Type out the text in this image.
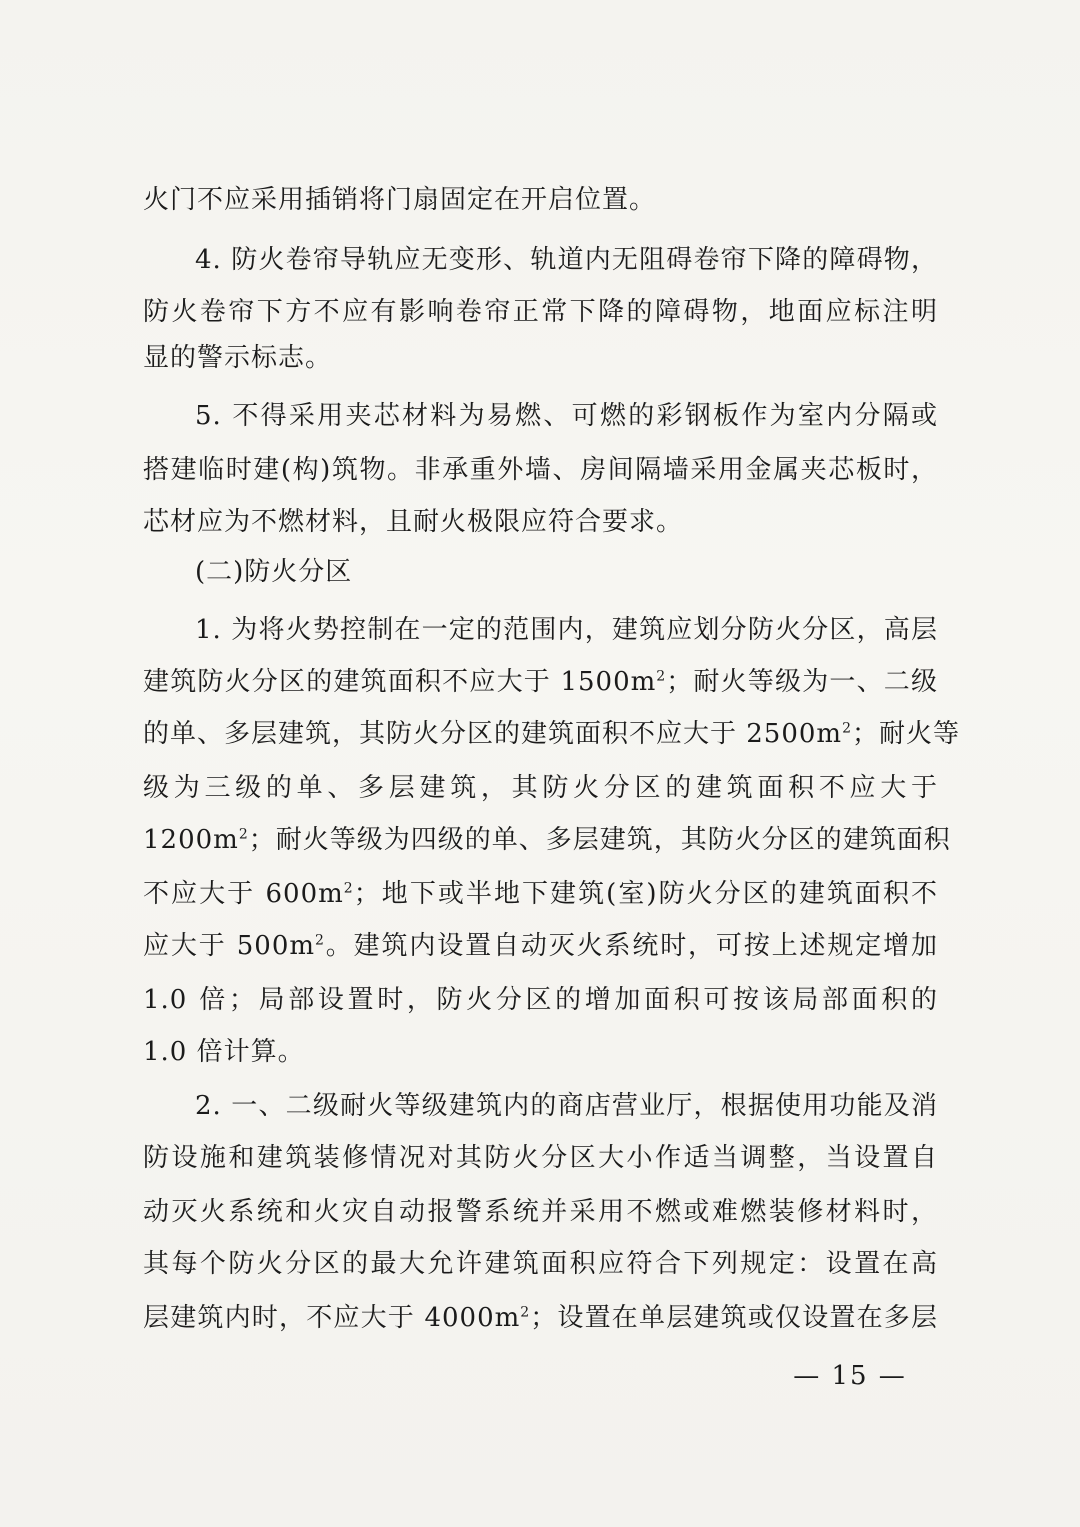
火门不应采用插销将门扇固定在开启位置。
4. 防火卷帘导轨应无变形、轨道内无阻碍卷帘下降的障碍物，
防火卷帘下方不应有影响卷帘正常下降的障碍物，地面应标注明
显的警示标志。
5. 不得采用夹芯材料为易燃、可燃的彩钢板作为室内分隔或
搭建临时建(构)筑物。非承重外墙、房间隔墙采用金属夹芯板时，
芯材应为不燃材料，且耐火极限应符合要求。
(二)防火分区
1. 为将火势控制在一定的范围内，建筑应划分防火分区，高层
建筑防火分区的建筑面积不应大于 $1500m^2$；耐火等级为一、二级
的单、多层建筑，其防火分区的建筑面积不应大于 $2500m^2$；耐火等
级为三级的单、多层建筑，其防火分区的建筑面积不应大于
$1200m^2$；耐火等级为四级的单、多层建筑，其防火分区的建筑面积
不应大于 $600m^2$；地下或半地下建筑(室)防火分区的建筑面积不
应大于 $500m^2$。建筑内设置自动灭火系统时，可按上述规定增加
1.0 倍；局部设置时，防火分区的增加面积可按该局部面积的
1.0 倍计算。
2. 一、二级耐火等级建筑内的商店营业厅，根据使用功能及消
防设施和建筑装修情况对其防火分区大小作适当调整，当设置自
动灭火系统和火灾自动报警系统并采用不燃或难燃装修材料时，
其每个防火分区的最大允许建筑面积应符合下列规定：设置在高
层建筑内时，不应大于 $4000m^2$；设置在单层建筑或仅设置在多层
— 15 —
